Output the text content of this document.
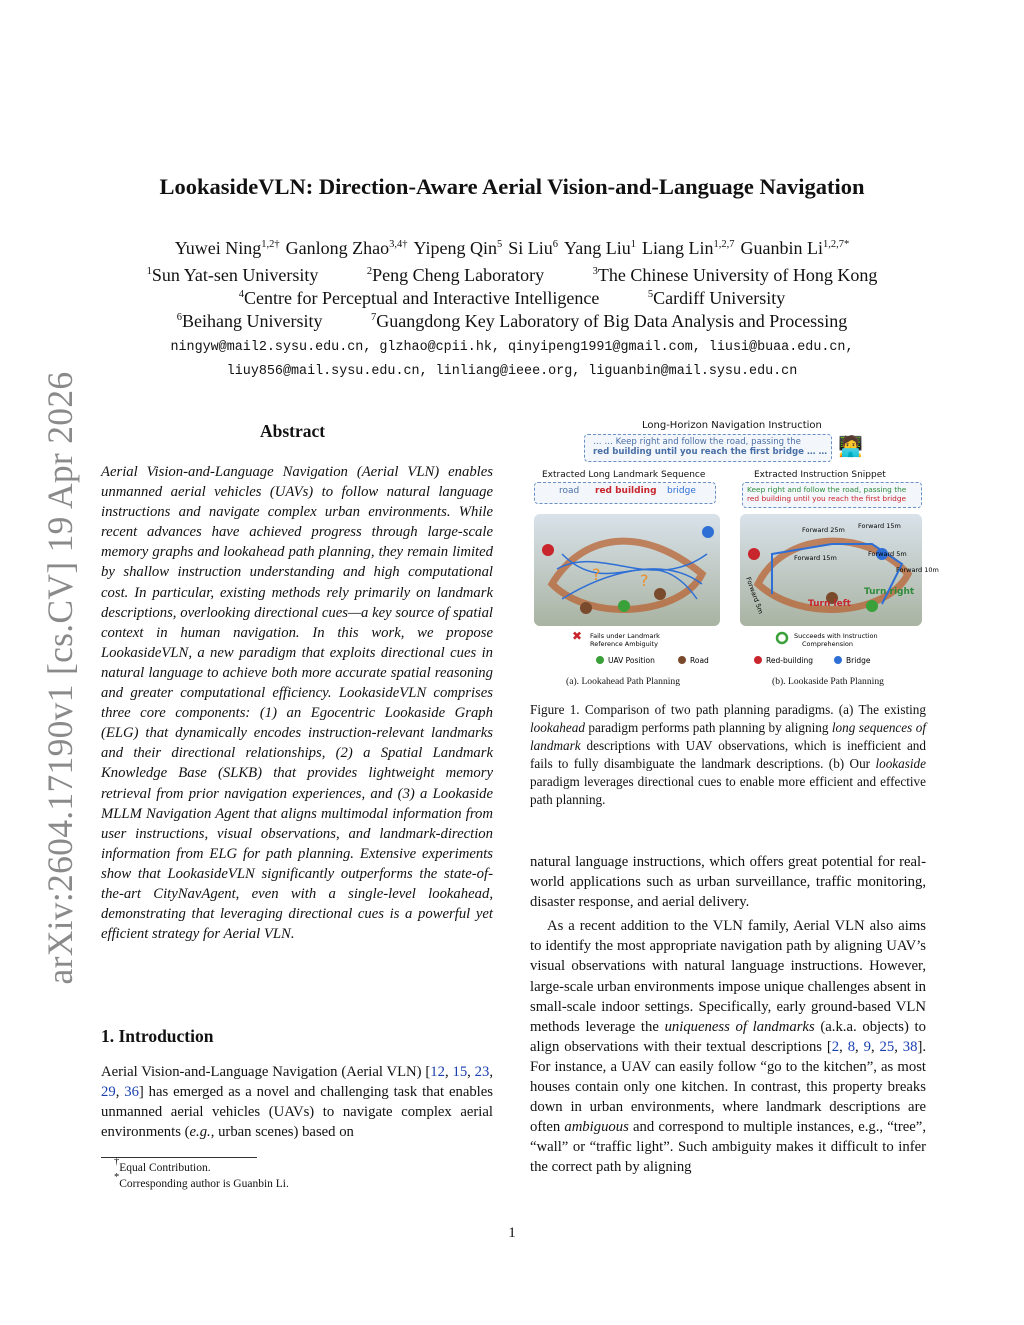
arXiv:2604.17190v1 [cs.CV] 19 Apr 2026
LookasideVLN: Direction-Aware Aerial Vision-and-Language Navigation
Yuwei Ning$^{1,2\dagger}$ Ganlong Zhao$^{3,4\dagger}$ Yipeng Qin$^5$ Si Liu$^6$ Yang Liu$^1$ Liang Lin$^{1,2,7}$ Guanbin $Li^{1,2,7*}$
$^1$Sun Yat-sen University	$^2$Peng Cheng Laboratory	$^3$The Chinese University of Hong Kong
$^4$Centre for Perceptual and Interactive Intelligence	$^5$Cardiff University
$^6$Beihang University	$^7$Guangdong Key Laboratory of Big Data Analysis and Processing
ningyw@mail2.sysu.edu.cn, glzhao@cpii.hk, qinyipeng1991@gmail.com, liusi@buaa.edu.cn,
liuy856@mail.sysu.edu.cn, linliang@ieee.org, liguanbin@mail.sysu.edu.cn
Abstract
Aerial Vision-and-Language Navigation (Aerial VLN) enables unmanned aerial vehicles (UAVs) to follow natural language instructions and navigate complex urban environments. While recent advances have achieved progress through large-scale memory graphs and lookahead path planning, they remain limited by shallow instruction understanding and high computational cost. In particular, existing methods rely primarily on landmark descriptions, overlooking directional cues—a key source of spatial context in human navigation. In this work, we propose LookasideVLN, a new paradigm that exploits directional cues in natural language to achieve both more accurate spatial reasoning and greater computational efficiency. LookasideVLN comprises three core components: (1) an Egocentric Lookaside Graph (ELG) that dynamically encodes instruction-relevant landmarks and their directional relationships, (2) a Spatial Landmark Knowledge Base (SLKB) that provides lightweight memory retrieval from prior navigation experiences, and (3) a Lookaside MLLM Navigation Agent that aligns multimodal information from user instructions, visual observations, and landmark-direction information from ELG for path planning. Extensive experiments show that LookasideVLN significantly outperforms the state-of-the-art CityNavAgent, even with a single-level lookahead, demonstrating that leveraging directional cues is a powerful yet efficient strategy for Aerial VLN.
1. Introduction
Aerial Vision-and-Language Navigation (Aerial VLN) [12, 15, 23, 29, 36] has emerged as a novel and challenging task that enables unmanned aerial vehicles (UAVs) to navigate complex aerial environments (e.g., urban scenes) based on
†Equal Contribution.
*Corresponding author is Guanbin Li.
Long-Horizon Navigation Instruction
… … Keep right and follow the road, passing the
red building until you reach the first bridge … … 🧑‍💻
Extracted Long Landmark Sequence	Extracted Instruction Snippet
road red building bridge	Keep right and follow the road, passing the
red building until you reach the first bridge
? ?
Forward 25m Forward 15m
Forward 15m	Forward 5m
Forward 10m
Forward 5m	Turn left
Turn right
✖ Fails under Landmark
Reference Ambiguity
Succeeds with Instruction
Comprehension
UAV Position	Road	Red-building	Bridge
(a). Lookahead Path Planning	(b). Lookaside Path Planning
Figure 1. Comparison of two path planning paradigms. (a) The existing lookahead paradigm performs path planning by aligning long sequences of landmark descriptions with UAV observations, which is inefficient and fails to fully disambiguate the landmark descriptions. (b) Our lookaside paradigm leverages directional cues to enable more efficient and effective path planning.
natural language instructions, which offers great potential for real-world applications such as urban surveillance, traffic monitoring, disaster response, and aerial delivery.
As a recent addition to the VLN family, Aerial VLN also aims to identify the most appropriate navigation path by aligning UAV’s visual observations with natural language instructions. However, large-scale urban environments impose unique challenges absent in small-scale indoor settings. Specifically, early ground-based VLN methods leverage the uniqueness of landmarks (a.k.a. objects) to align observations with their textual descriptions [2, 8, 9, 25, 38]. For instance, a UAV can easily follow “go to the kitchen”, as most houses contain only one kitchen. In contrast, this property breaks down in urban environments, where landmark descriptions are often ambiguous and correspond to multiple instances, e.g., “tree”, “wall” or “traffic light”. Such ambiguity makes it difficult to infer the correct path by aligning
1
